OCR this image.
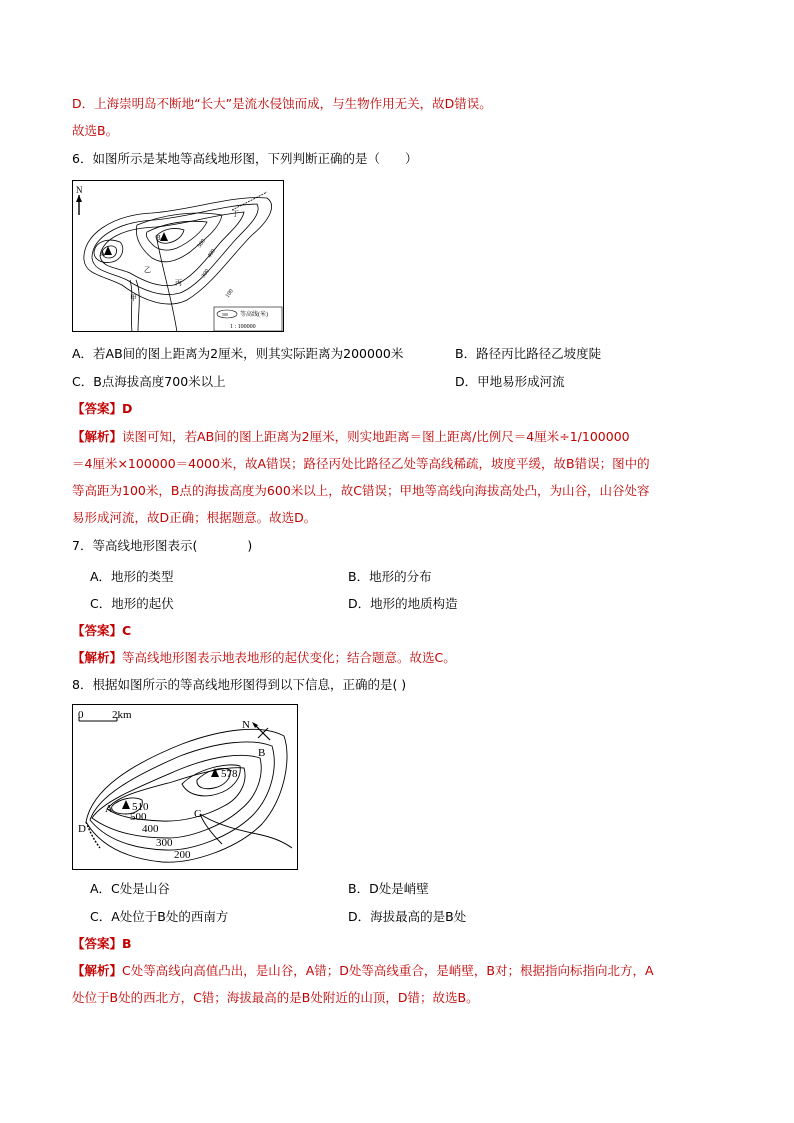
D．上海崇明岛不断地“长大”是流水侵蚀而成，与生物作用无关，故D错误。
故选B。
6．如图所示是某地等高线地形图，下列判断正确的是（　　）
N
A
B
甲
乙
丙
丁
500
400
300
100
500 等高线(米)
1 : 100000
A．若AB间的图上距离为2厘米，则其实际距离为200000米	B．路径丙比路径乙坡度陡
C．B点海拔高度700米以上	D．甲地易形成河流
【答案】D
【解析】读图可知，若AB间的图上距离为2厘米，则实地距离＝图上距离/比例尺＝4厘米÷1/100000
＝4厘米×100000＝4000米，故A错误；路径丙处比路径乙处等高线稀疏，坡度平缓，故B错误；图中的
等高距为100米，B点的海拔高度为600米以上，故C错误；甲地等高线向海拔高处凸，为山谷，山谷处容
易形成河流，故D正确；根据题意。故选D。
7．等高线地形图表示(　　　　)
A．地形的类型	B．地形的分布
C．地形的起伏	D．地形的地质构造
【答案】C
【解析】等高线地形图表示地表地形的起伏变化；结合题意。故选C。
8．根据如图所示的等高线地形图得到以下信息，正确的是( )
0	2km
N
578
510
A
B
C
D
500
400
300
200
A．C处是山谷	B．D处是峭壁
C．A处位于B处的西南方	D．海拔最高的是B处
【答案】B
【解析】C处等高线向高值凸出，是山谷，A错；D处等高线重合，是峭壁，B对；根据指向标指向北方，A
处位于B处的西北方，C错；海拔最高的是B处附近的山顶，D错；故选B。
